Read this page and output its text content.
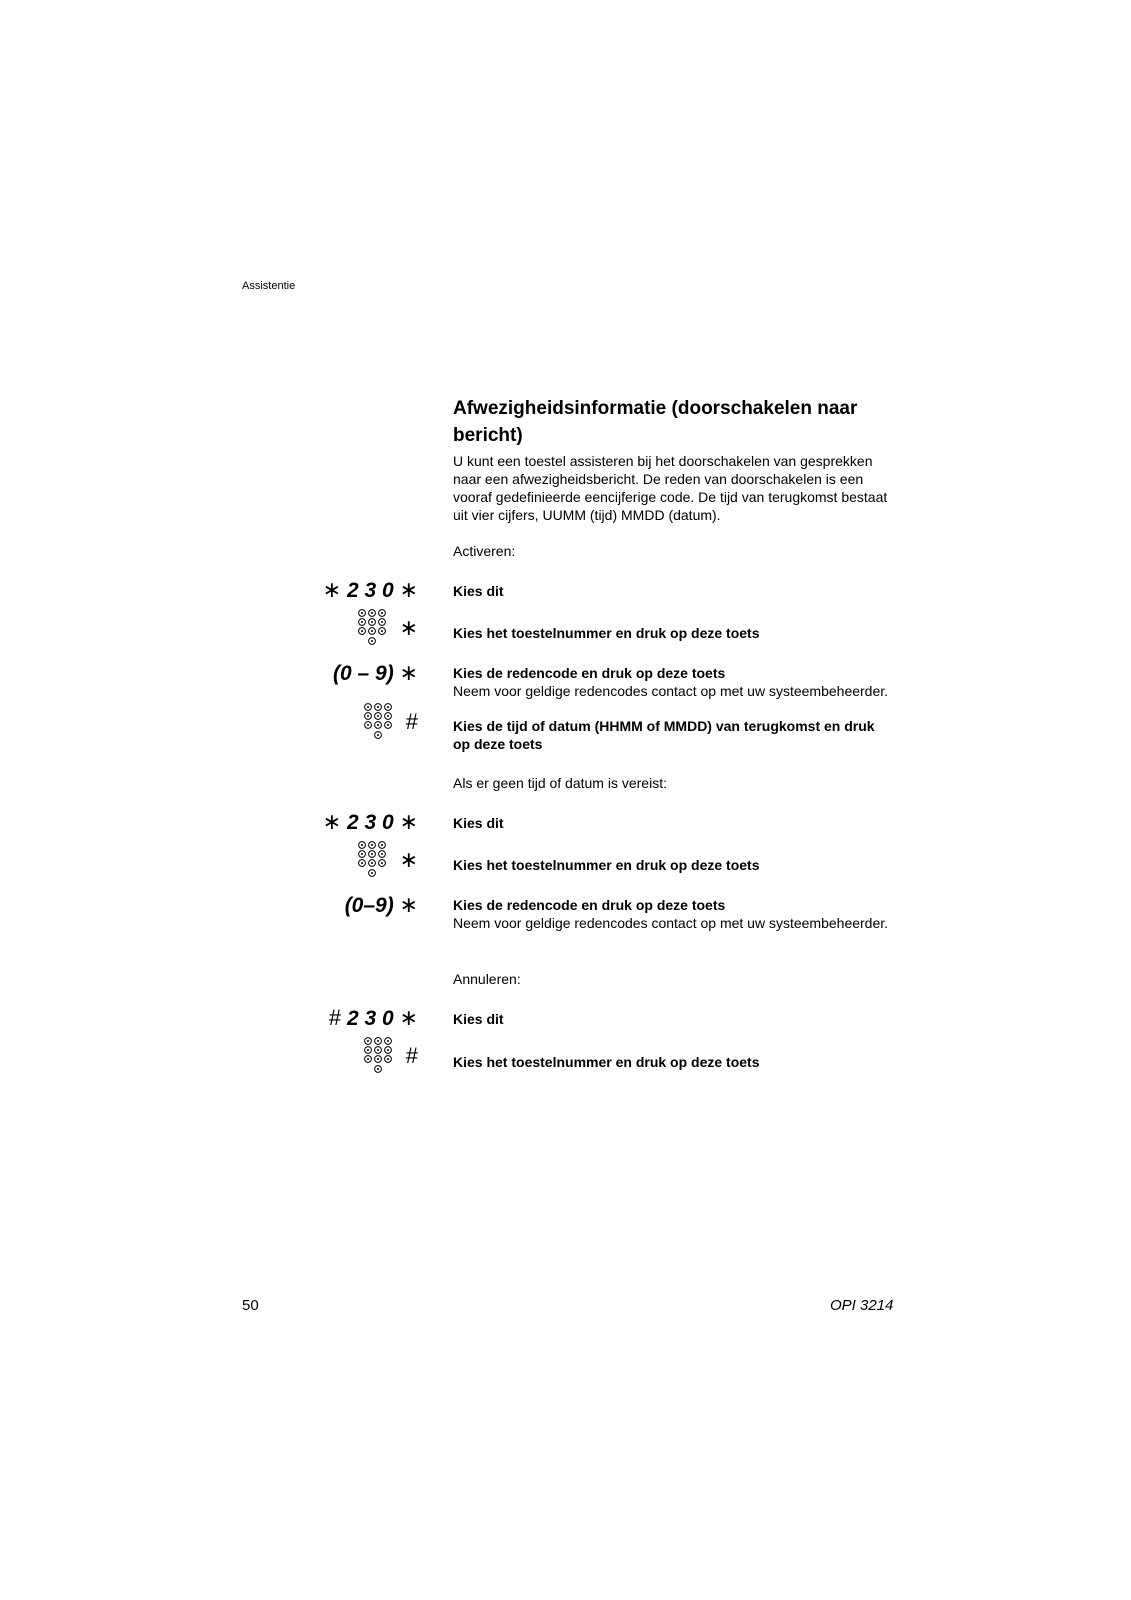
Assistentie
Afwezigheidsinformatie (doorschakelen naar bericht)

U kunt een toestel assisteren bij het doorschakelen van gesprekken naar een afwezigheidsbericht. De reden van doorschakelen is een vooraf gedefinieerde eencijferige code. De tijd van terugkomst bestaat uit vier cijfers, UUMM (tijd) MMDD (datum).

Activeren:
∗ 2 3 0 ∗	Kies dit
∗	Kies het toestelnummer en druk op deze toets
(0 – 9) ∗	Kies de redencode en druk op deze toets
Neem voor geldige redencodes contact op met uw systeembeheerder.
#	Kies de tijd of datum (HHMM of MMDD) van terugkomst en druk op deze toets
Als er geen tijd of datum is vereist:
∗ 2 3 0 ∗	Kies dit
∗	Kies het toestelnummer en druk op deze toets
(0–9) ∗	Kies de redencode en druk op deze toets
Neem voor geldige redencodes contact op met uw systeembeheerder.
Annuleren:
# 2 3 0 ∗	Kies dit
#	Kies het toestelnummer en druk op deze toets
50	OPI 3214
